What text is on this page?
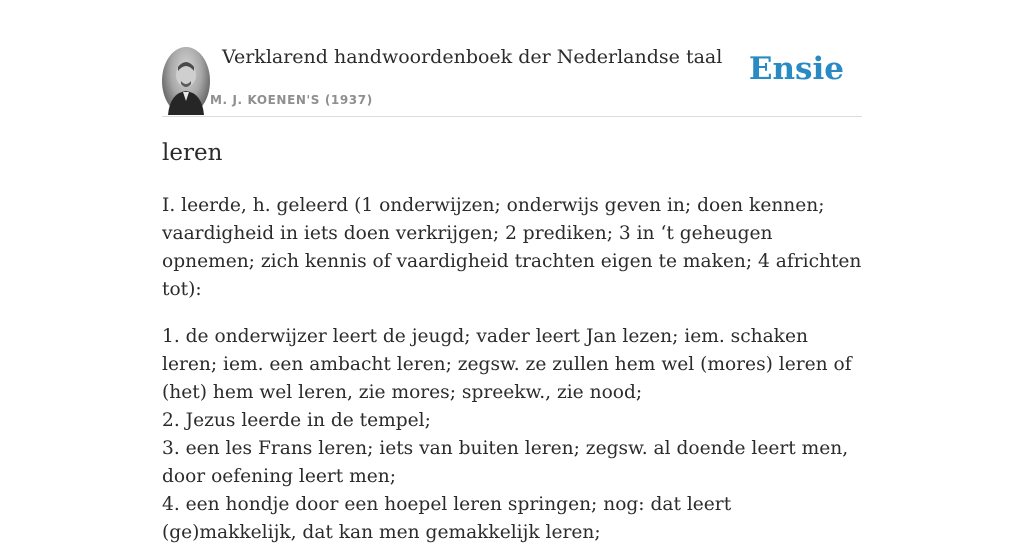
Verklarend handwoordenboek der Nederlandse taal
M. J. KOENEN'S (1937)
Ensie
leren

I. leerde, h. geleerd (1 onderwijzen; onderwijs geven in; doen kennen; vaardigheid in iets doen verkrijgen; 2 prediken; 3 in ‘t geheugen opnemen; zich kennis of vaardigheid trachten eigen te maken; 4 africhten tot):

1. de onderwijzer leert de jeugd; vader leert Jan lezen; iem. schaken leren; iem. een ambacht leren; zegsw. ze zullen hem wel (mores) leren of (het) hem wel leren, zie mores; spreekw., zie nood;

2. Jezus leerde in de tempel;

3. een les Frans leren; iets van buiten leren; zegsw. al doende leert men, door oefening leert men;

4. een hondje door een hoepel leren springen; nog: dat leert (ge)makkelijk, dat kan men gemakkelijk leren;
